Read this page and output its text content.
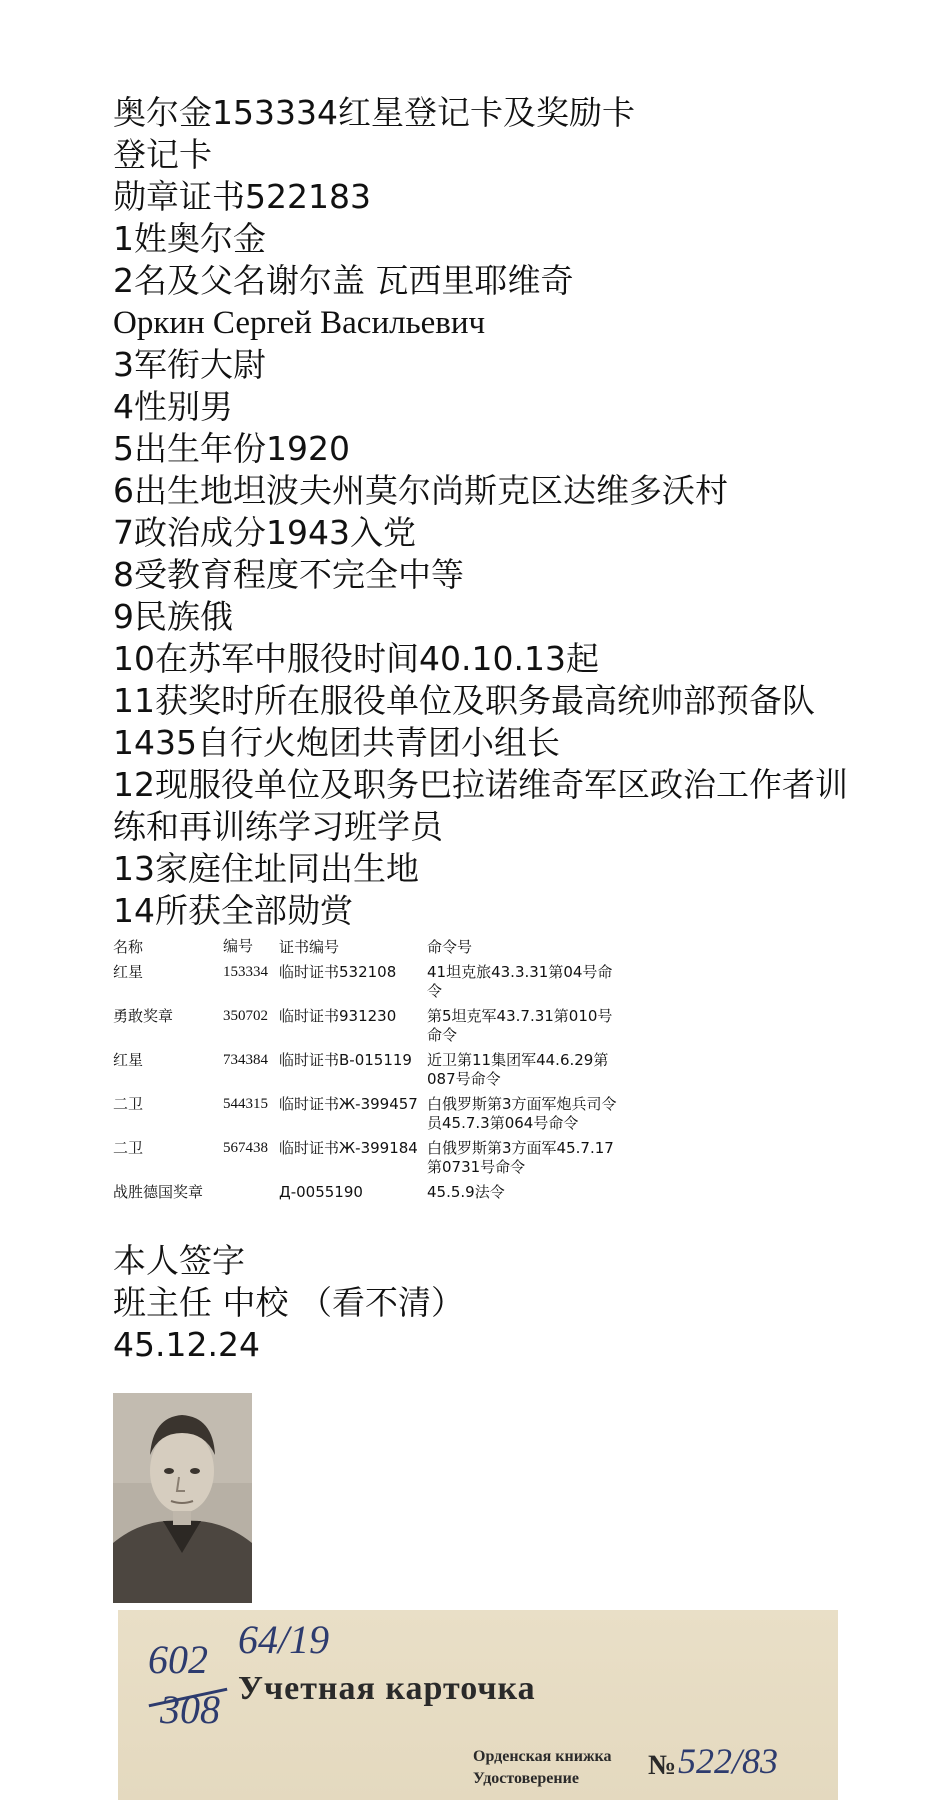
奥尔金153334红星登记卡及奖励卡
登记卡
勋章证书522183
1姓奥尔金
2名及父名谢尔盖 瓦西里耶维奇
Оркин Сергей Васильевич
3军衔大尉
4性别男
5出生年份1920
6出生地坦波夫州莫尔尚斯克区达维多沃村
7政治成分1943入党
8受教育程度不完全中等
9民族俄
10在苏军中服役时间40.10.13起
11获奖时所在服役单位及职务最高统帅部预备队1435自行火炮团共青团小组长
12现服役单位及职务巴拉诺维奇军区政治工作者训练和再训练学习班学员
13家庭住址同出生地
14所获全部勋赏
名称	编号	证书编号	命令号
红星	153334	临时证书532108	41坦克旅43.3.31第04号命令
勇敢奖章	350702	临时证书931230	第5坦克军43.7.31第010号命令
红星	734384	临时证书B-015119	近卫第11集团军44.6.29第087号命令
二卫	544315	临时证书Ж-399457	白俄罗斯第3方面军炮兵司令员45.7.3第064号命令
二卫	567438	临时证书Ж-399184	白俄罗斯第3方面军45.7.17第0731号命令
战胜德国奖章		Д-0055190	45.5.9法令
本人签字
班主任 中校 （看不清）
45.12.24
602 64/19
308 Учетная карточка
Орденская книжка
Удостоверение № 522/83
